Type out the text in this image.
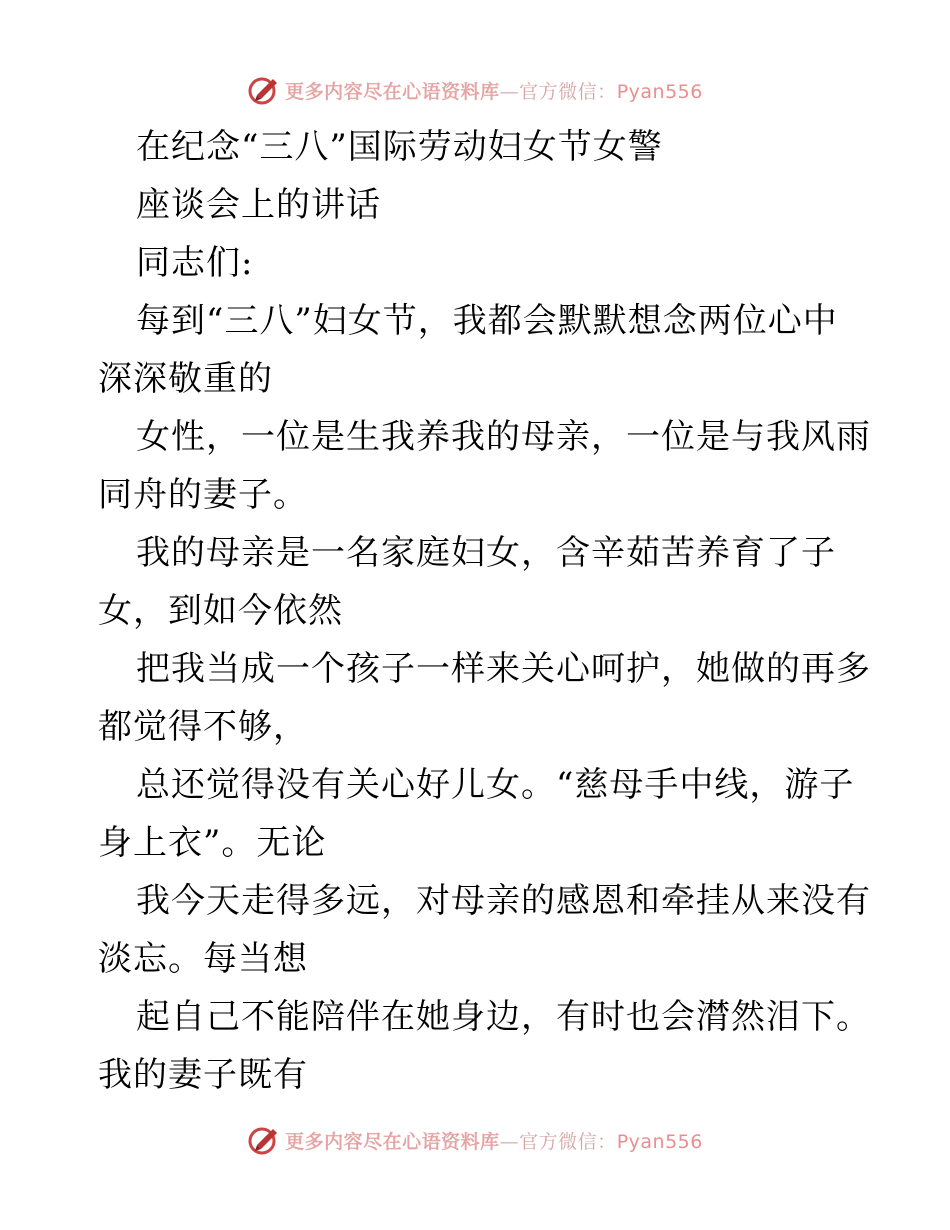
更多内容尽在心语资料库—官方微信：Pyan556
在纪念“三八”国际劳动妇女节女警
座谈会上的讲话
同志们:
每到“三八”妇女节，我都会默默想念两位心中
深深敬重的
女性，一位是生我养我的母亲，一位是与我风雨
同舟的妻子。
我的母亲是一名家庭妇女，含辛茹苦养育了子
女，到如今依然
把我当成一个孩子一样来关心呵护，她做的再多
都觉得不够，
总还觉得没有关心好儿女。“慈母手中线，游子
身上衣”。无论
我今天走得多远，对母亲的感恩和牵挂从来没有
淡忘。每当想
起自己不能陪伴在她身边，有时也会潸然泪下。
我的妻子既有
更多内容尽在心语资料库—官方微信：Pyan556
